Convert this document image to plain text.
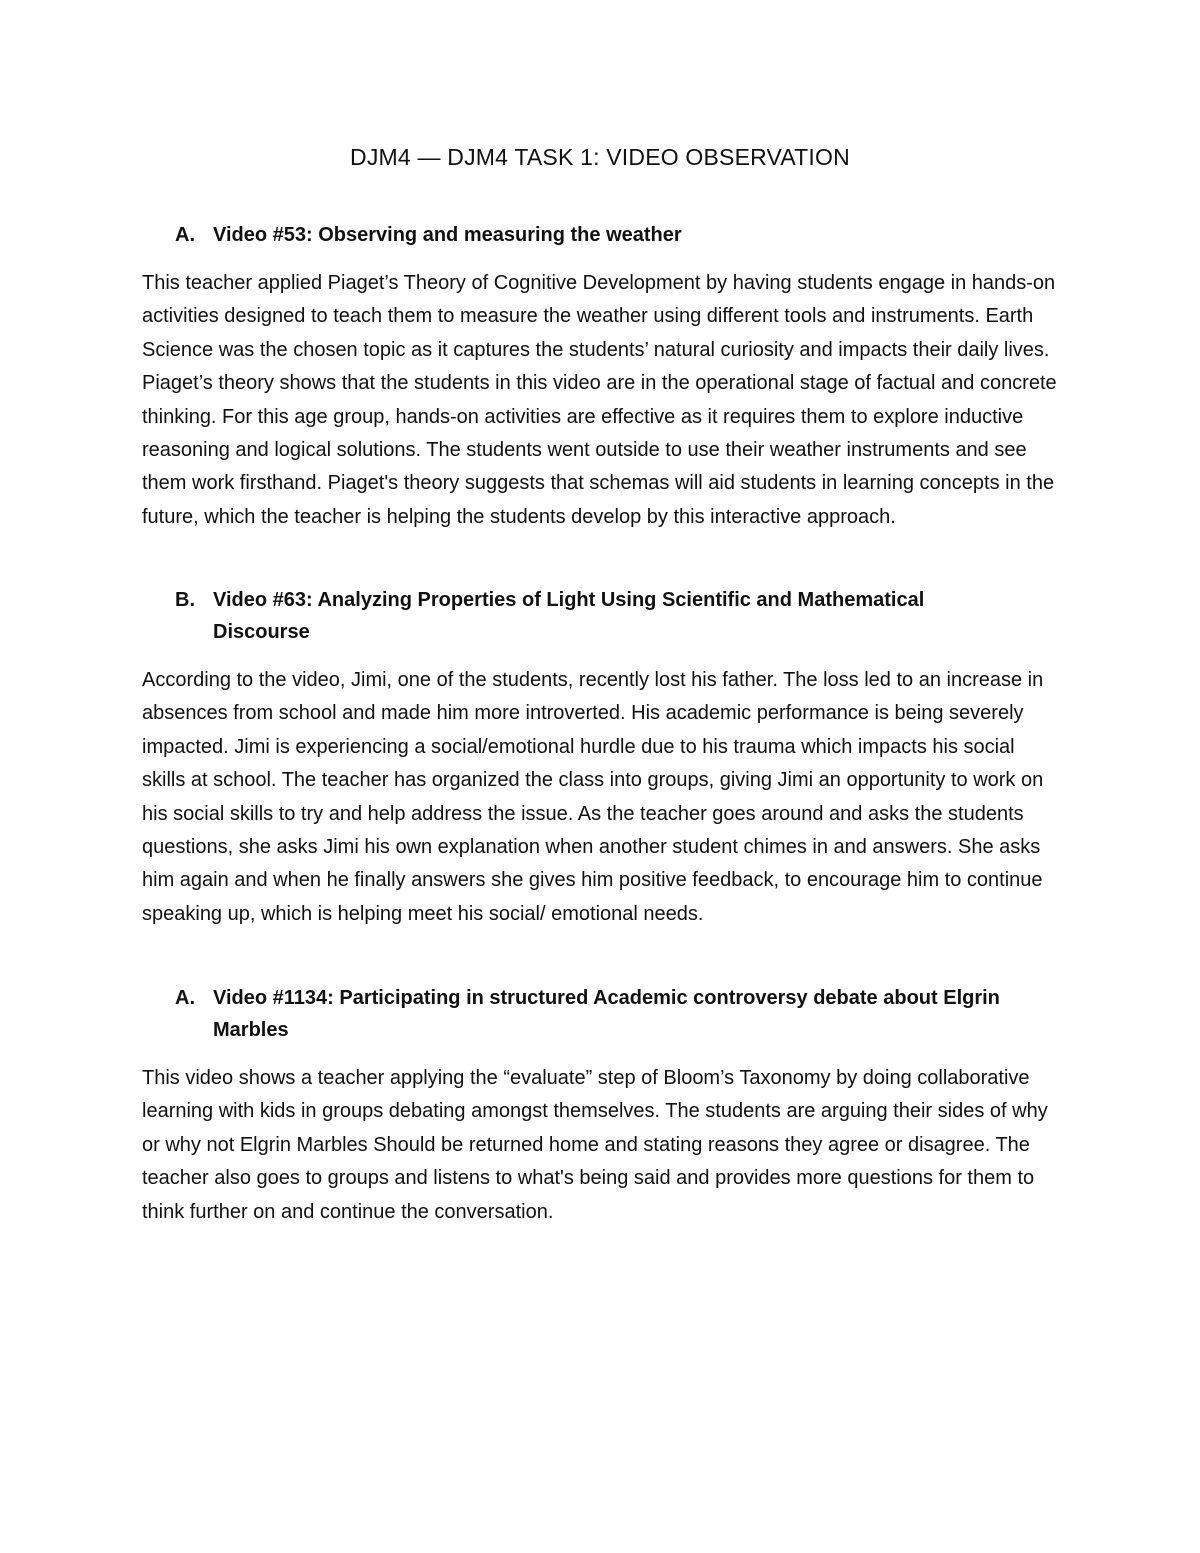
DJM4 — DJM4 TASK 1: VIDEO OBSERVATION
A. Video #53: Observing and measuring the weather

This teacher applied Piaget’s Theory of Cognitive Development by having students engage in hands-on activities designed to teach them to measure the weather using different tools and instruments. Earth Science was the chosen topic as it captures the students’ natural curiosity and impacts their daily lives. Piaget’s theory shows that the students in this video are in the operational stage of factual and concrete thinking. For this age group, hands-on activities are effective as it requires them to explore inductive reasoning and logical solutions. The students went outside to use their weather instruments and see them work firsthand. Piaget's theory suggests that schemas will aid students in learning concepts in the future, which the teacher is helping the students develop by this interactive approach.

B. Video #63: Analyzing Properties of Light Using Scientific and Mathematical Discourse

According to the video, Jimi, one of the students, recently lost his father. The loss led to an increase in absences from school and made him more introverted. His academic performance is being severely impacted. Jimi is experiencing a social/emotional hurdle due to his trauma which impacts his social skills at school. The teacher has organized the class into groups, giving Jimi an opportunity to work on his social skills to try and help address the issue. As the teacher goes around and asks the students questions, she asks Jimi his own explanation when another student chimes in and answers. She asks him again and when he finally answers she gives him positive feedback, to encourage him to continue speaking up, which is helping meet his social/ emotional needs.

A. Video #1134: Participating in structured Academic controversy debate about Elgrin Marbles

This video shows a teacher applying the “evaluate” step of Bloom’s Taxonomy by doing collaborative learning with kids in groups debating amongst themselves. The students are arguing their sides of why or why not Elgrin Marbles Should be returned home and stating reasons they agree or disagree. The teacher also goes to groups and listens to what's being said and provides more questions for them to think further on and continue the conversation.
